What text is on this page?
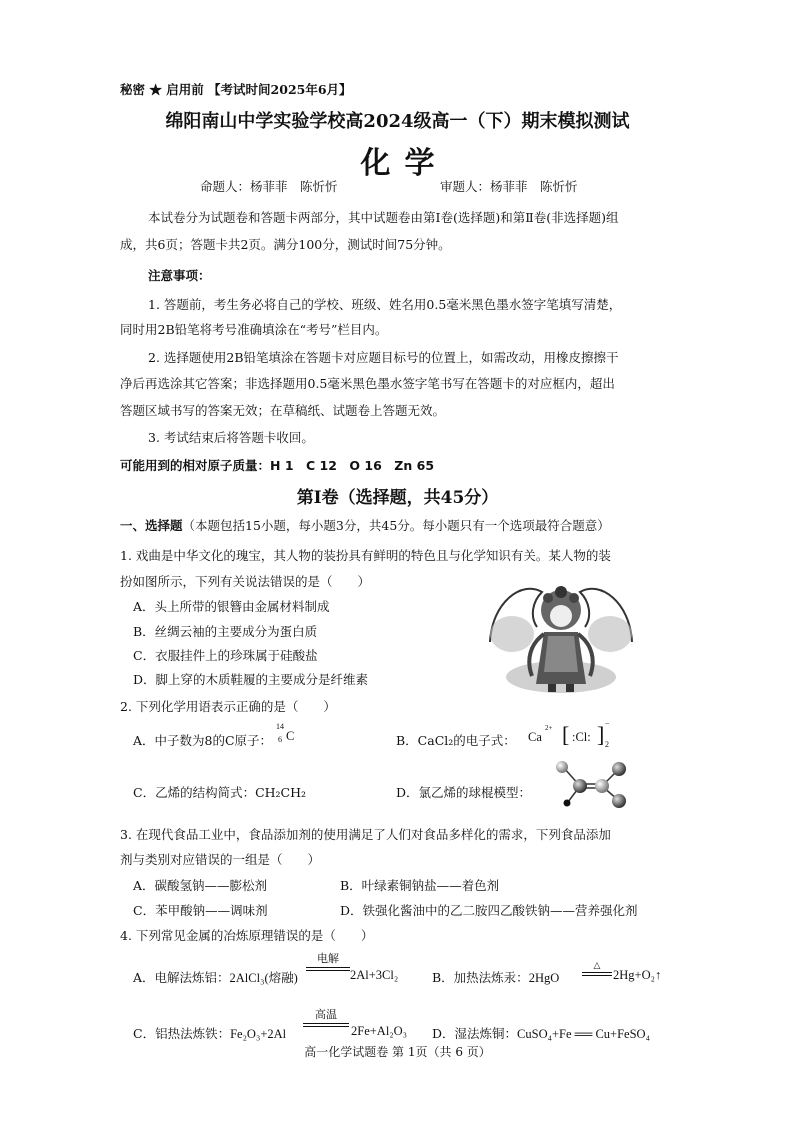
秘密 ★ 启用前 【考试时间2025年6月】
绵阳南山中学实验学校高2024级高一（下）期末模拟测试
化学
命题人：杨菲菲　陈忻忻	审题人：杨菲菲　陈忻忻
本试卷分为试题卷和答题卡两部分，其中试题卷由第Ⅰ卷(选择题)和第Ⅱ卷(非选择题)组
成，共6页；答题卡共2页。满分100分，测试时间75分钟。
注意事项：
1. 答题前，考生务必将自己的学校、班级、姓名用0.5毫米黑色墨水签字笔填写清楚，
同时用2B铅笔将考号准确填涂在“考号”栏目内。
2. 选择题使用2B铅笔填涂在答题卡对应题目标号的位置上，如需改动，用橡皮擦擦干
净后再选涂其它答案；非选择题用0.5毫米黑色墨水签字笔书写在答题卡的对应框内，超出
答题区域书写的答案无效；在草稿纸、试题卷上答题无效。
3. 考试结束后将答题卡收回。
可能用到的相对原子质量：H 1　C 12　O 16　Zn 65
第Ⅰ卷（选择题，共45分）
一、选择题（本题包括15小题，每小题3分，共45分。每小题只有一个选项最符合题意）
1. 戏曲是中华文化的瑰宝，其人物的装扮具有鲜明的特色且与化学知识有关。某人物的装
扮如图所示，下列有关说法错误的是（　　）
A．头上所带的银簪由金属材料制成
B．丝绸云袖的主要成分为蛋白质
C．衣服挂件上的珍珠属于硅酸盐
D．脚上穿的木质鞋履的主要成分是纤维素
2. 下列化学用语表示正确的是（　　）
A．中子数为8的C原子：
14
6 C	B．CaCl₂的电子式： Ca
2+ [ :Cl: ] −
2
C．乙烯的结构简式：CH₂CH₂	D．氯乙烯的球棍模型：
3. 在现代食品工业中，食品添加剂的使用满足了人们对食品多样化的需求，下列食品添加
剂与类别对应错误的一组是（　　）
A．碳酸氢钠——膨松剂	B．叶绿素铜钠盐——着色剂
C．苯甲酸钠——调味剂	D．铁强化酱油中的乙二胺四乙酸铁钠——营养强化剂
4. 下列常见金属的冶炼原理错误的是（　　）
A．电解法炼铝：2AlCl₃(熔融)
电解
2Al+3Cl₂	B．加热法炼汞：2HgO
△
2Hg+O₂↑
C．铝热法炼铁：Fe₂O₃+2Al
高温
2Fe+Al₂O₃ D．湿法炼铜：CuSO₄+Fe ══ Cu+FeSO₄
高一化学试题卷 第 1页（共 6 页）
